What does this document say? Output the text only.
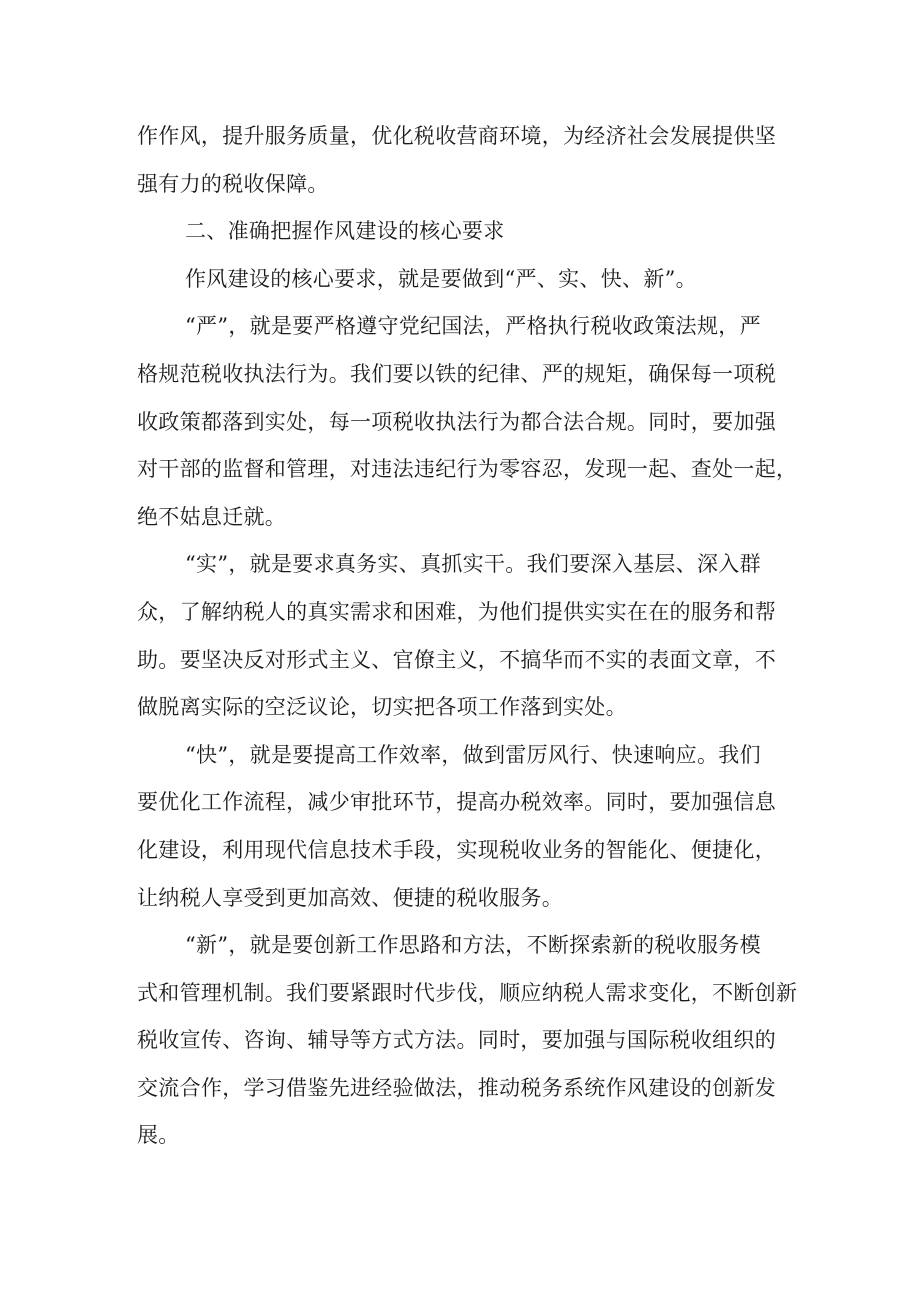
作作风，提升服务质量，优化税收营商环境，为经济社会发展提供坚
强有力的税收保障。
二、准确把握作风建设的核心要求
作风建设的核心要求，就是要做到“严、实、快、新”。
“严”，就是要严格遵守党纪国法，严格执行税收政策法规，严
格规范税收执法行为。我们要以铁的纪律、严的规矩，确保每一项税
收政策都落到实处，每一项税收执法行为都合法合规。同时，要加强
对干部的监督和管理，对违法违纪行为零容忍，发现一起、查处一起，
绝不姑息迁就。
“实”，就是要求真务实、真抓实干。我们要深入基层、深入群
众，了解纳税人的真实需求和困难，为他们提供实实在在的服务和帮
助。要坚决反对形式主义、官僚主义，不搞华而不实的表面文章，不
做脱离实际的空泛议论，切实把各项工作落到实处。
“快”，就是要提高工作效率，做到雷厉风行、快速响应。我们
要优化工作流程，减少审批环节，提高办税效率。同时，要加强信息
化建设，利用现代信息技术手段，实现税收业务的智能化、便捷化，
让纳税人享受到更加高效、便捷的税收服务。
“新”，就是要创新工作思路和方法，不断探索新的税收服务模
式和管理机制。我们要紧跟时代步伐，顺应纳税人需求变化，不断创新
税收宣传、咨询、辅导等方式方法。同时，要加强与国际税收组织的
交流合作，学习借鉴先进经验做法，推动税务系统作风建设的创新发
展。
